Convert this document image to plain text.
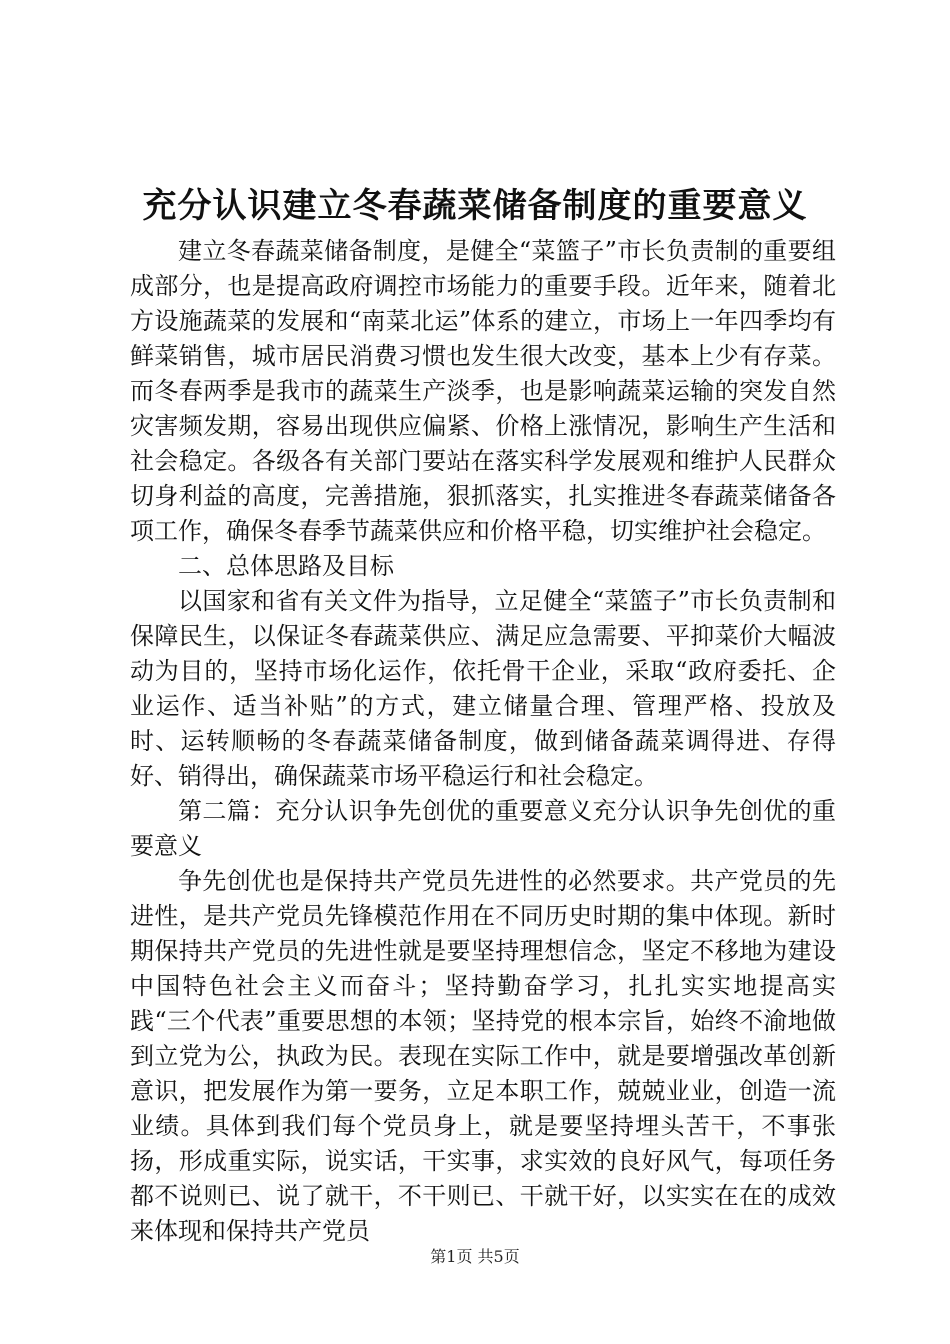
充分认识建立冬春蔬菜储备制度的重要意义

建立冬春蔬菜储备制度，是健全“菜篮子”市长负责制的重要组成部分，也是提高政府调控市场能力的重要手段。近年来，随着北方设施蔬菜的发展和“南菜北运”体系的建立，市场上一年四季均有鲜菜销售，城市居民消费习惯也发生很大改变，基本上少有存菜。而冬春两季是我市的蔬菜生产淡季，也是影响蔬菜运输的突发自然灾害频发期，容易出现供应偏紧、价格上涨情况，影响生产生活和社会稳定。各级各有关部门要站在落实科学发展观和维护人民群众切身利益的高度，完善措施，狠抓落实，扎实推进冬春蔬菜储备各项工作，确保冬春季节蔬菜供应和价格平稳，切实维护社会稳定。

二、总体思路及目标

以国家和省有关文件为指导，立足健全“菜篮子”市长负责制和保障民生，以保证冬春蔬菜供应、满足应急需要、平抑菜价大幅波动为目的，坚持市场化运作，依托骨干企业，采取“政府委托、企业运作、适当补贴”的方式，建立储量合理、管理严格、投放及时、运转顺畅的冬春蔬菜储备制度，做到储备蔬菜调得进、存得好、销得出，确保蔬菜市场平稳运行和社会稳定。

第二篇：充分认识争先创优的重要意义充分认识争先创优的重要意义

争先创优也是保持共产党员先进性的必然要求。共产党员的先进性，是共产党员先锋模范作用在不同历史时期的集中体现。新时期保持共产党员的先进性就是要坚持理想信念，坚定不移地为建设中国特色社会主义而奋斗；坚持勤奋学习，扎扎实实地提高实践“三个代表”重要思想的本领；坚持党的根本宗旨，始终不渝地做到立党为公，执政为民。表现在实际工作中，就是要增强改革创新意识，把发展作为第一要务，立足本职工作，兢兢业业，创造一流业绩。具体到我们每个党员身上，就是要坚持埋头苦干，不事张扬，形成重实际，说实话，干实事，求实效的良好风气，每项任务都不说则已、说了就干，不干则已、干就干好，以实实在在的成效来体现和保持共产党员

第1页 共5页
